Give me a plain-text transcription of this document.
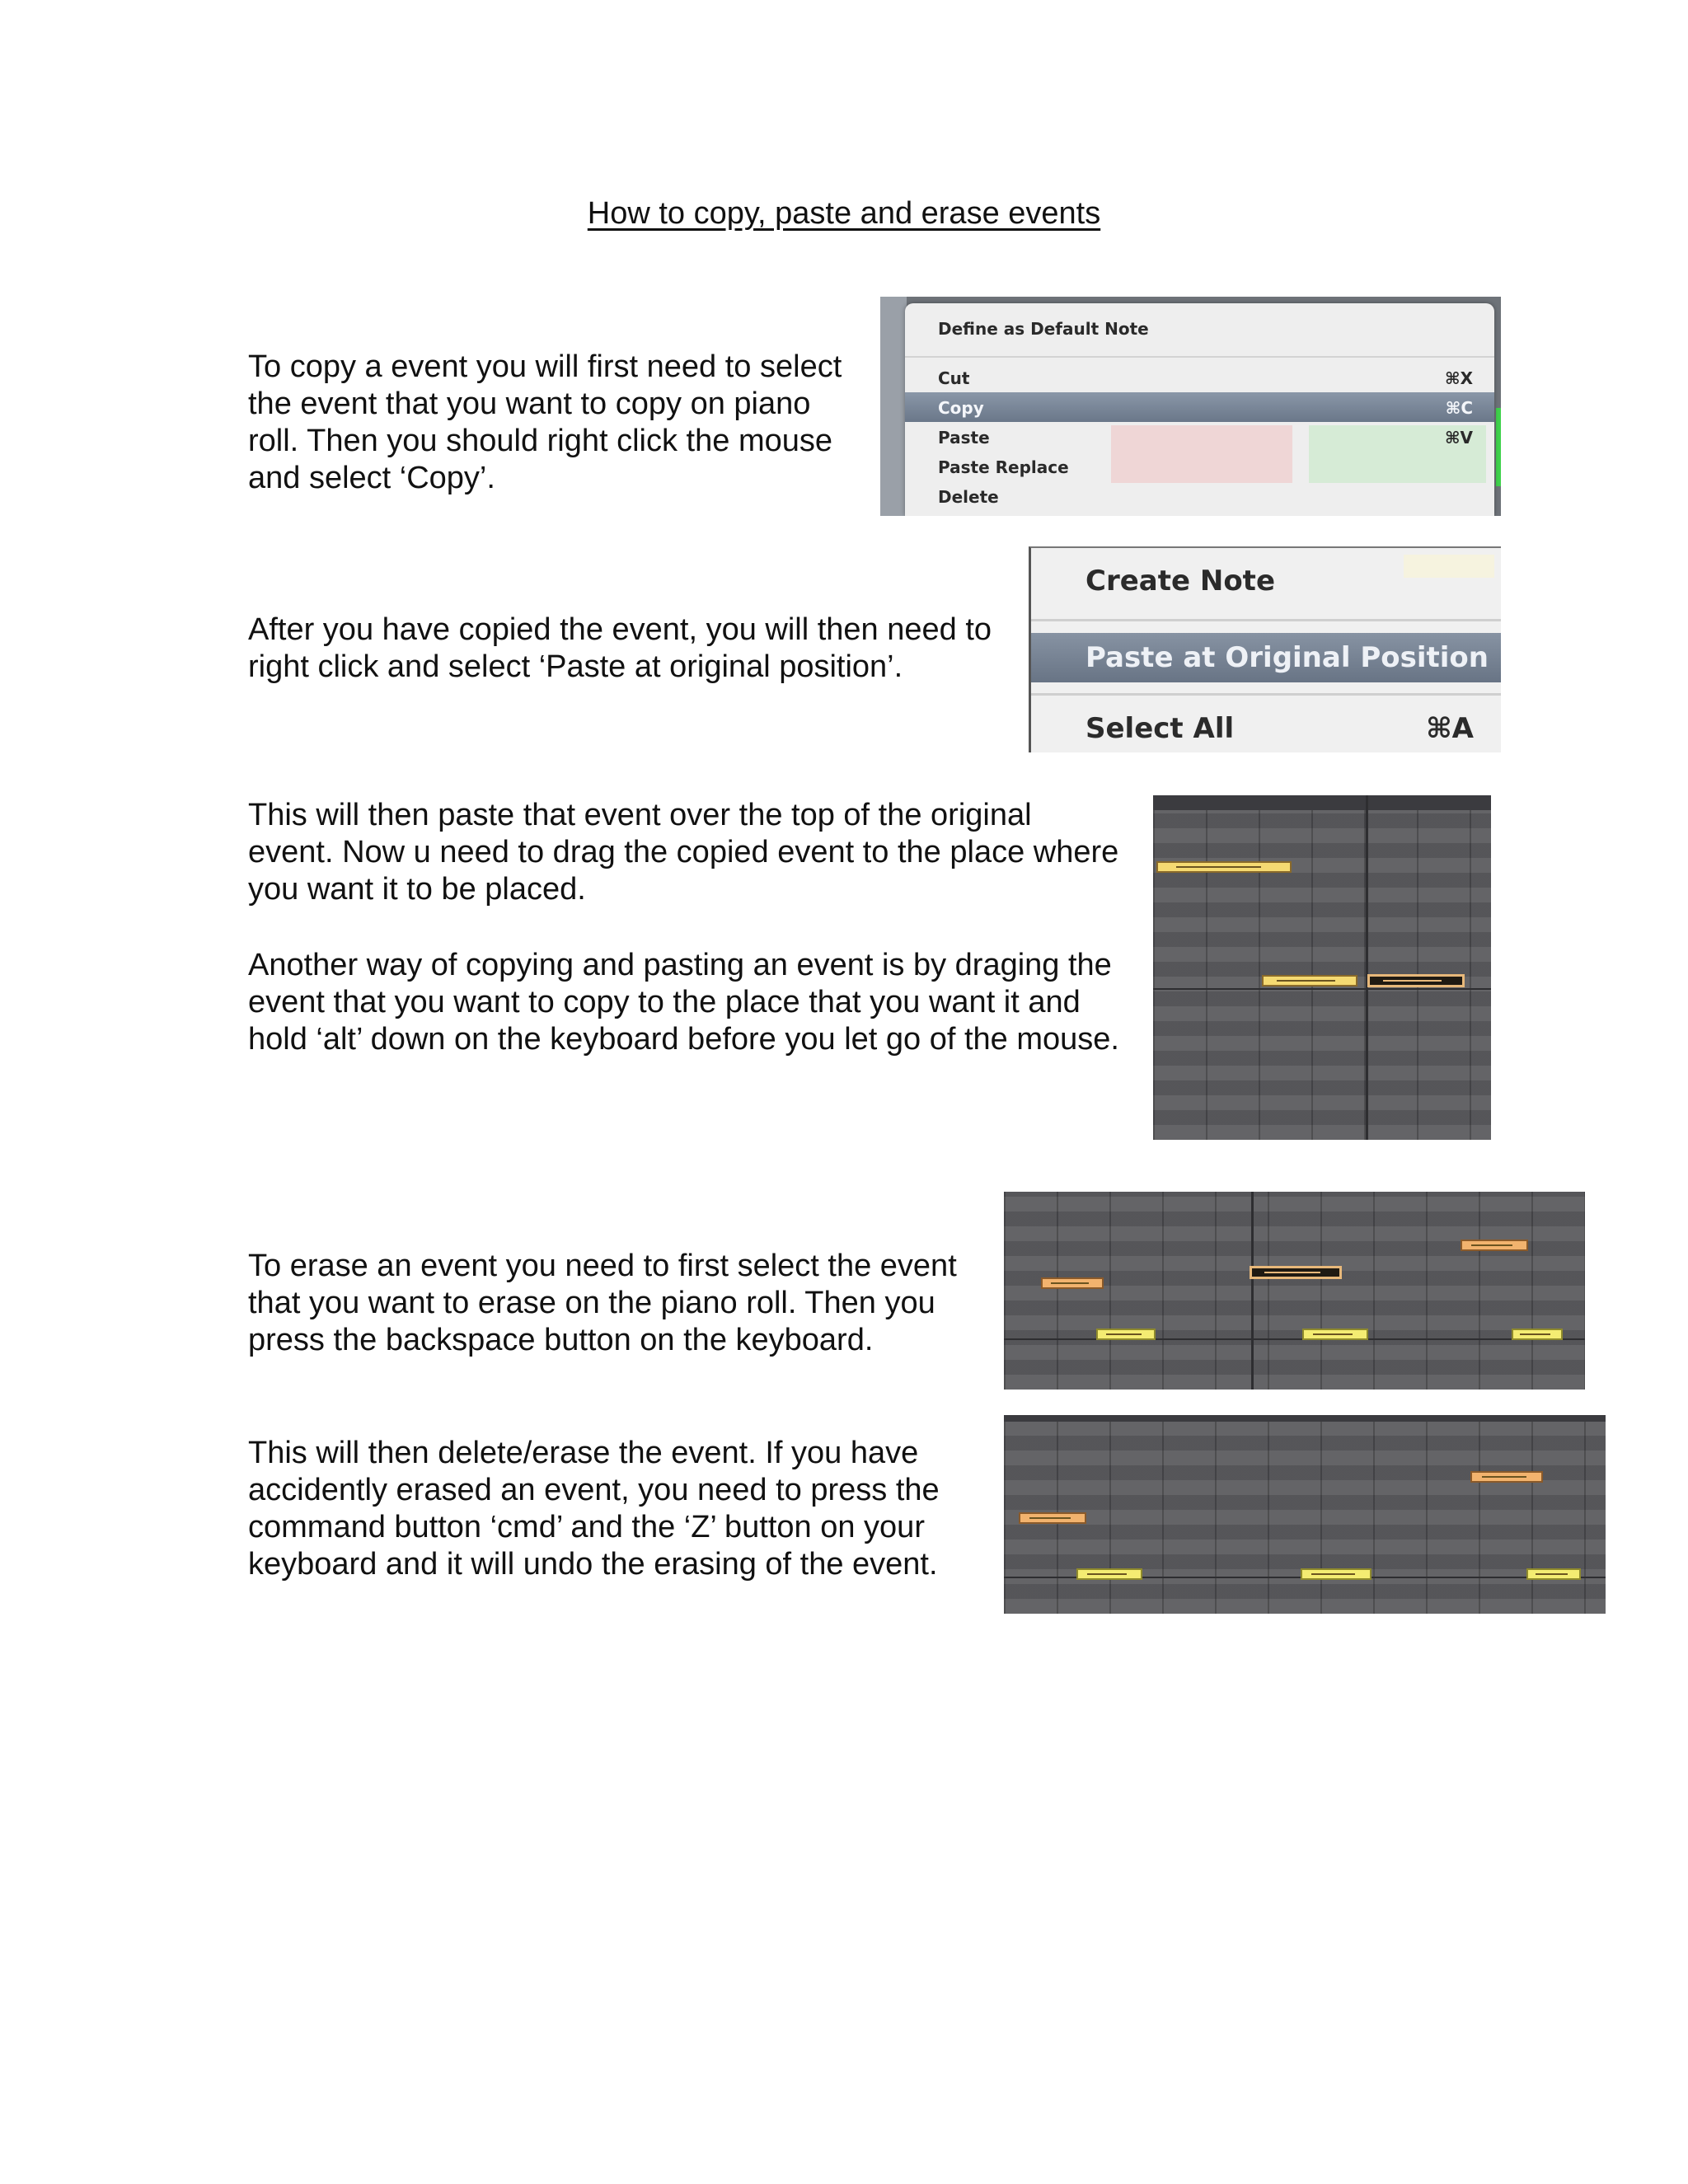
How to copy, paste and erase events

To copy a event you will first need to select the event that you want to copy on piano roll. Then you should right click the mouse and select ‘Copy’.

Define as Default Note
Cut	⌘X
Copy	⌘C
Paste	⌘V
Paste Replace
Delete

After you have copied the event, you will then need to right click and select ‘Paste at original position’.

Create Note
Paste at Original Position
Select All	⌘A

This will then paste that event over the top of the original event. Now u need to drag the copied event to the place where you want it to be placed.

Another way of copying and pasting an event is by draging the event that you want to copy to the place that you want it and hold ‘alt’ down on the keyboard before you let go of the mouse.

To erase an event you need to first select the event that you want to erase on the piano roll. Then you press the backspace button on the keyboard.

This will then delete/erase the event. If you have accidently erased an event, you need to press the command button ‘cmd’ and the ‘Z’ button on your keyboard and it will undo the erasing of the event.
